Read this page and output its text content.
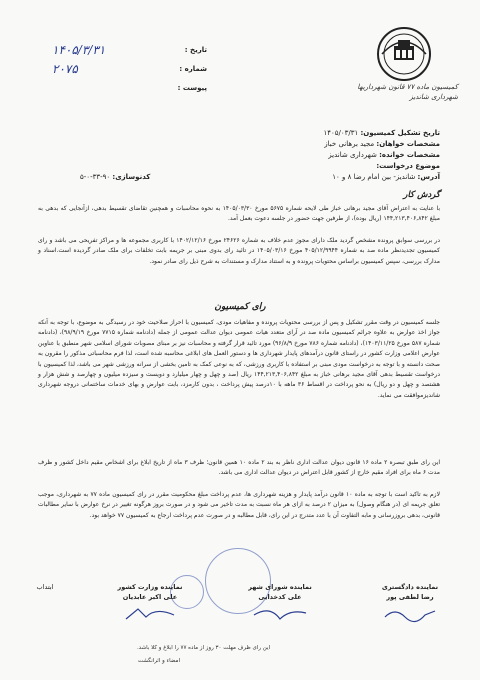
تاریخ :
۱۴۰۵/۳/۳۱
شماره :
۲۰۷۵
پیوست :	کمیسیون ماده ۷۷ قانون شهرداریها
شهرداری شاندیز
تاریخ تشکیل کمیسیون: ۱۴۰۵/۰۳/۳۱
مشخصات خواهان: مجید برهانی خباز
مشخصات خوانده: شهرداری شاندیز
موضوع درخواست:
آدرس: شاندیز- بین امام رضا ۸ و ۱۰
کدنوسازی: ۹۰-۳۳-۰-۵
گردش کار
با عنایت به اعتراض آقای مجید برهانی خباز طی لایحه شماره ۵۶۷۵ مورخ ۱۴۰۵/۰۳/۳۰ به نحوه محاسبات و همچنین تقاضای تقسیط بدهی، ازآنجایی که بدهی به مبلغ ۱۴۴,۲۱۳,۴۰۶,۸۴۲ (ریال بوده)، از طرفین جهت حضور در جلسه دعوت بعمل آمد.
در بررسی سوابق پرونده مشخص گردید ملک دارای مجوز عدم خلاف به شماره ۲۴۶۲۶ مورخ ۱۴۰۲/۱۲/۱۶ با کاربری مجموعه ها و مراکز تفریحی می باشد و رای کمیسیون تجدیدنظر ماده صد به شماره ۴۰۵/۱۲/۹۹۴۴ مورخ ۱۴۰۵/۰۳/۱۶ در تائید رای بدوی مبنی بر جریمه بابت تخلفات برای ملک صادر گردیده است.اسناد و مدارک بررسی، سپس کمیسیون براساس محتویات پرونده و به استناد مدارک و مستندات به شرح ذیل رای صادر نمود.
رای کمیسیون
جلسه کمیسیون در وقت مقرر تشکیل و پس از بررسی محتویات پرونده و مفاهیات مودی، کمیسیون با احراز صلاحیت خود در رسیدگی به موضوع، با توجه به آنکه جواز اخذ عوارض به علاوه جرائم کمیسیون ماده صد در آرای متعدد هیات عمومی دیوان عدالت عمومی از جمله (دادنامه شماره ۷۷۱۵ مورخ ۹۸/۹/۱۹)، (دادنامه شماره ۵۸۷ مورخ ۱۴۰۳/۱۱/۲۵)، (دادنامه شماره ۷۸۶ مورخ ۹۶/۸/۹) مورد تائید قرار گرفته و محاسبات نیز بر مبنای مصوبات شورای اسلامی شهر منطبق با عناوین عوارض اعلامی وزارت کشور در راستای قانون درآمدهای پایدار شهرداری ها و دستور العمل های ابلاغی محاسبه شده است، لذا فرم محاسباتی مذکور را مقرون به صحت دانسته و با توجه به درخواست مودی مبنی بر استفاده با کاربری ورزشی، که به نوعی کمک به تامین بخشی از سرانه ورزشی شهر می باشد، لذا کمیسیون با درخواست تقسیط بدهی آقای مجید برهانی خباز به مبلغ ۱۴۴,۲۱۳,۴۰۶,۸۴۲ ریال (صد و چهل و چهار میلیارد و دویست و سیزده میلیون و چهارصد و شش هزار و هشتصد و چهل و دو ریال) به نحو پرداخت در اقساط ۳۶ ماهه با ۱۰درصد پیش پرداخت ، بدون کارمزد، بابت عوارض و بهای خدمات ساختمانی دروجه شهرداری شاندیزموافقت می نماید.
این رای طبق تبصره ۲ ماده ۱۶ قانون دیوان عدالت اداری ناظر به بند ۲ ماده ۱۰ همین قانون؛ ظرف ۳ ماه از تاریخ ابلاغ برای اشخاص مقیم داخل کشور و ظرف مدت ۶ ماه برای افراد مقیم خارج از کشور قابل اعتراض در دیوان عدالت اداری می باشد.
لازم به تاکید است با توجه به ماده ۱۰ قانون درآمد پایدار و هزینه شهرداری ها، عدم پرداخت مبلغ محکومیت مقرر در رای کمیسیون ماده ۷۷ به شهرداری، موجب تعلق جریمه ای (در هنگام وصول) به میزان ۲ درصد به ازای هر ماه نسبت به مدت تاخیر می شود و در صورت بروز هرگونه تغییر در نرخ عوارض با سایر مطالبات قانونی، بدهی بروزرسانی و مابه التفاوت آن با عدد متدرج در این رای، قابل مطالبه و در صورت عدم پرداخت ارجاع به کمیسیون ۷۷ خواهد بود.
نماینده دادگستری
رضا لطفی پور
نماینده شورای شهر
علی کدخدایی
نماینده وزارت کشور
علی اکبر عابدیان
ابتداب
این رای ظرف مهلت ۳۰ روز از ماده ۷۷ را ابلاغ و کلا باشد.
امضاء و اثرانگشت
